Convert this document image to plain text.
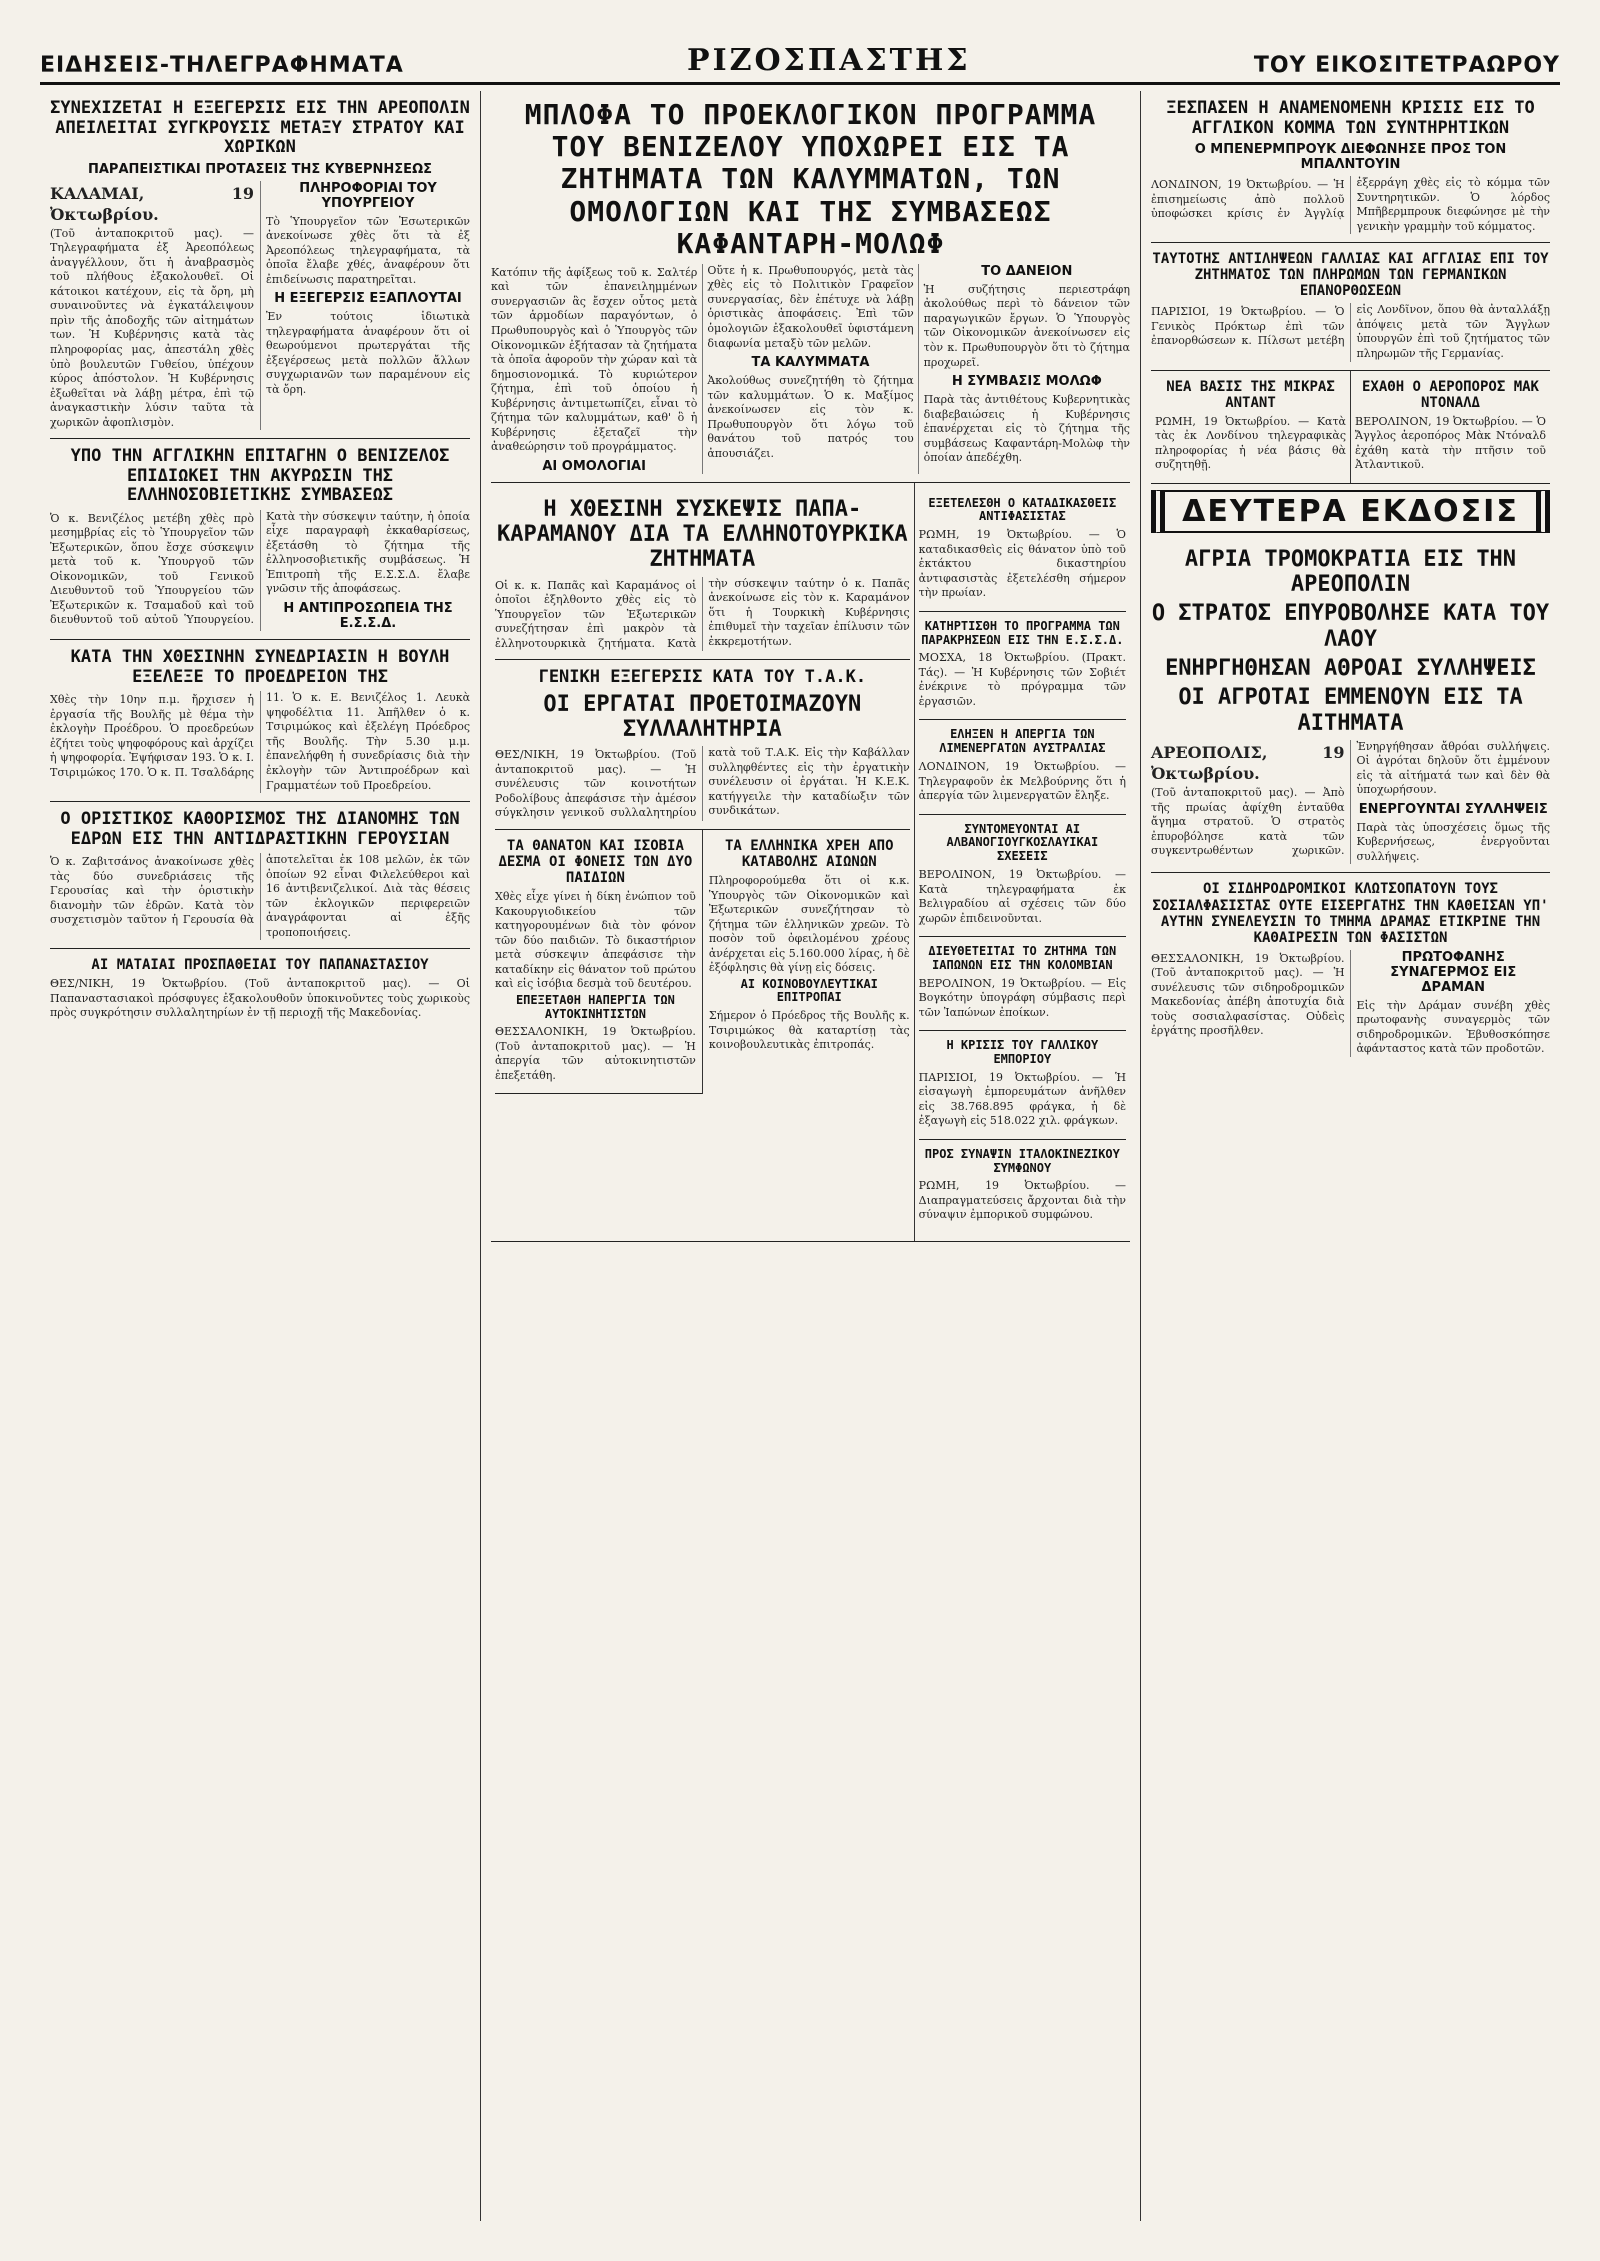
ΕΙΔΗΣΕΙΣ-ΤΗΛΕΓΡΑΦΗΜΑΤΑ	ΡΙΖΟΣΠΑΣΤΗΣ	ΤΟΥ ΕΙΚΟΣΙΤΕΤΡΑΩΡΟΥ
ΣΥΝΕΧΙΖΕΤΑΙ Η ΕΞΕΓΕΡΣΙΣ ΕΙΣ ΤΗΝ ΑΡΕΟΠΟΛΙΝ ΑΠΕΙΛΕΙΤΑΙ ΣΥΓΚΡΟΥΣΙΣ ΜΕΤΑΞΥ ΣΤΡΑΤΟΥ ΚΑΙ ΧΩΡΙΚΩΝ
ΠΑΡΑΠΕΙΣΤΙΚΑΙ ΠΡΟΤΑΣΕΙΣ ΤΗΣ ΚΥΒΕΡΝΗΣΕΩΣ

ΚΑΛΑΜΑΙ, 19 Ὀκτωβρίου.

(Τοῦ ἀνταποκριτοῦ μας). — Τηλεγραφήματα ἐξ Ἀρεοπόλεως ἀναγγέλλουν, ὅτι ἡ ἀναβρασμὸς τοῦ πλήθους ἐξακολουθεῖ. Οἱ κάτοικοι κατέχουν, εἰς τὰ ὄρη, μὴ συναινοῦντες νὰ ἐγκατάλειψουν πρὶν τῆς ἀποδοχῆς τῶν αἰτημάτων των. Ἡ Κυβέρνησις κατὰ τὰς πληροφορίας μας, ἀπεστάλη χθὲς ὑπὸ βουλευτῶν Γυθείου, ὑπέχουν κύρος ἀπόστολον. Ἡ Κυβέρνησις ἐξωθεῖται νὰ λάβῃ μέτρα, ἐπὶ τῷ ἀναγκαστικὴν λύσιν ταῦτα τὰ χωρικῶν ἀφοπλισμὸν.

ΠΛΗΡΟΦΟΡΙΑΙ ΤΟΥ ΥΠΟΥΡΓΕΙΟΥ

Τὸ Ὑπουργεῖον τῶν Ἐσωτερικῶν ἀνεκοίνωσε χθὲς ὅτι τὰ ἐξ Ἀρεοπόλεως τηλεγραφήματα, τὰ ὁποῖα ἔλαβε χθές, ἀναφέρουν ὅτι ἐπιδείνωσις παρατηρεῖται.

Η ΕΞΕΓΕΡΣΙΣ ΕΞΑΠΛΟΥΤΑΙ

Ἐν τούτοις ἰδιωτικὰ τηλεγραφήματα ἀναφέρουν ὅτι οἱ θεωρούμενοι πρωτεργάται τῆς ἐξεγέρσεως μετὰ πολλῶν ἄλλων συγχωριανῶν των παραμένουν εἰς τὰ ὄρη.

ΥΠΟ ΤΗΝ ΑΓΓΛΙΚΗΝ ΕΠΙΤΑΓΗΝ Ο ΒΕΝΙΖΕΛΟΣ ΕΠΙΔΙΩΚΕΙ ΤΗΝ ΑΚΥΡΩΣΙΝ ΤΗΣ ΕΛΛΗΝΟΣΟΒΙΕΤΙΚΗΣ ΣΥΜΒΑΣΕΩΣ

Ὁ κ. Βενιζέλος μετέβη χθὲς πρὸ μεσημβρίας εἰς τὸ Ὑπουργεῖον τῶν Ἐξωτερικῶν, ὅπου ἔσχε σύσκεψιν μετὰ τοῦ κ. Ὑπουργοῦ τῶν Οἰκονομικῶν, τοῦ Γενικοῦ Διευθυντοῦ τοῦ Ὑπουργείου τῶν Ἐξωτερικῶν κ. Τσαμαδοῦ καὶ τοῦ διευθυντοῦ τοῦ αὐτοῦ Ὑπουργείου. Κατὰ τὴν σύσκεψιν ταύτην, ἡ ὁποία εἶχε παραγραφὴ ἐκκαθαρίσεως, ἐξετάσθη τὸ ζήτημα τῆς ἐλληνοσοβιετικῆς συμβάσεως. Ἡ Ἐπιτροπὴ τῆς Ε.Σ.Σ.Δ. ἔλαβε γνῶσιν τῆς ἀποφάσεως.

Η ΑΝΤΙΠΡΟΣΩΠΕΙΑ ΤΗΣ Ε.Σ.Σ.Δ.
ΚΑΤΑ ΤΗΝ ΧΘΕΣΙΝΗΝ ΣΥΝΕΔΡΙΑΣΙΝ Η ΒΟΥΛΗ ΕΞΕΛΕΞΕ ΤΟ ΠΡΟΕΔΡΕΙΟΝ ΤΗΣ

Χθὲς τὴν 10ην π.μ. ἤρχισεν ἡ ἐργασία τῆς Βουλῆς μὲ θέμα τὴν ἐκλογὴν Προέδρου. Ὁ προεδρεύων ἐζήτει τοὺς ψηφοφόρους καὶ ἀρχίζει ἡ ψηφοφορία. Ἐψήφισαν 193. Ὁ κ. Ι. Τσιριμώκος 170. Ὁ κ. Π. Τσαλδάρης 11. Ὁ κ. Ε. Βενιζέλος 1. Λευκὰ ψηφοδέλτια 11. Ἀπῆλθεν ὁ κ. Τσιριμώκος καὶ ἐξελέγη Πρόεδρος τῆς Βουλῆς. Τὴν 5.30 μ.μ. ἐπανελήφθη ἡ συνεδρίασις διὰ τὴν ἐκλογὴν τῶν Ἀντιπροέδρων καὶ Γραμματέων τοῦ Προεδρείου.

Ο ΟΡΙΣΤΙΚΟΣ ΚΑΘΟΡΙΣΜΟΣ ΤΗΣ ΔΙΑΝΟΜΗΣ ΤΩΝ ΕΔΡΩΝ ΕΙΣ ΤΗΝ ΑΝΤΙΔΡΑΣΤΙΚΗΝ ΓΕΡΟΥΣΙΑΝ

Ὁ κ. Ζαβιτσάνος ἀνακοίνωσε χθὲς τὰς δύο συνεδριάσεις τῆς Γερουσίας καὶ τὴν ὁριστικὴν διανομὴν τῶν ἑδρῶν. Κατὰ τὸν συσχετισμὸν ταῦτον ἡ Γερουσία θὰ ἀποτελεῖται ἐκ 108 μελῶν, ἐκ τῶν ὁποίων 92 εἶναι Φιλελεύθεροι καὶ 16 ἀντιβενιζελικοί. Διὰ τὰς θέσεις τῶν ἐκλογικῶν περιφερειῶν ἀναγράφονται αἱ ἑξῆς τροποποιήσεις.

ΑΙ ΜΑΤΑΙΑΙ ΠΡΟΣΠΑΘΕΙΑΙ ΤΟΥ ΠΑΠΑΝΑΣΤΑΣΙΟΥ

ΘΕΣ/ΝΙΚΗ, 19 Ὀκτωβρίου. (Τοῦ ἀνταποκριτοῦ μας). — Οἱ Παπαναστασιακοὶ πρόσφυγες ἐξακολουθοῦν ὑποκινοῦντες τοὺς χωρικοὺς πρὸς συγκρότησιν συλλαλητηρίων ἐν τῇ περιοχῇ τῆς Μακεδονίας.

ΜΠΛΟΦΑ ΤΟ ΠΡΟΕΚΛΟΓΙΚΟΝ ΠΡΟΓΡΑΜΜΑ ΤΟΥ ΒΕΝΙΖΕΛΟΥ ΥΠΟΧΩΡΕΙ ΕΙΣ ΤΑ ΖΗΤΗΜΑΤΑ ΤΩΝ ΚΑΛΥΜΜΑΤΩΝ, ΤΩΝ ΟΜΟΛΟΓΙΩΝ ΚΑΙ ΤΗΣ ΣΥΜΒΑΣΕΩΣ ΚΑΦΑΝΤΑΡΗ-ΜΟΛΩΦ

Κατόπιν τῆς ἀφίξεως τοῦ κ. Σαλτέρ καὶ τῶν ἐπανειλημμένων συνεργασιῶν ἃς ἔσχεν οὗτος μετὰ τῶν ἁρμοδίων παραγόντων, ὁ Πρωθυπουργὸς καὶ ὁ Ὑπουργὸς τῶν Οἰκονομικῶν ἐξήτασαν τὰ ζητήματα τὰ ὁποῖα ἀφοροῦν τὴν χώραν καὶ τὰ δημοσιονομικά. Τὸ κυριώτερον ζήτημα, ἐπὶ τοῦ ὁποίου ἡ Κυβέρνησις ἀντιμετωπίζει, εἶναι τὸ ζήτημα τῶν καλυμμάτων, καθ' ὃ ἡ Κυβέρνησις ἐξεταζεῖ τὴν ἀναθεώρησιν τοῦ προγράμματος.

ΑΙ ΟΜΟΛΟΓΙΑΙ

Οὔτε ἡ κ. Πρωθυπουργός, μετὰ τὰς χθὲς εἰς τὸ Πολιτικὸν Γραφεῖον συνεργασίας, δὲν ἐπέτυχε νὰ λάβῃ ὁριστικὰς ἀποφάσεις. Ἐπὶ τῶν ὁμολογιῶν ἐξακολουθεῖ ὑφιστάμενη διαφωνία μεταξὺ τῶν μελῶν.

ΤΑ ΚΑΛΥΜΜΑΤΑ

Ἀκολούθως συνεζητήθη τὸ ζήτημα τῶν καλυμμάτων. Ὁ κ. Μαξίμος ἀνεκοίνωσεν εἰς τὸν κ. Πρωθυπουργὸν ὅτι λόγω τοῦ θανάτου τοῦ πατρός του ἀπουσιάζει.

ΤΟ ΔΑΝΕΙΟΝ

Ἡ συζήτησις περιεστράφη ἀκολούθως περὶ τὸ δάνειον τῶν παραγωγικῶν ἔργων. Ὁ Ὑπουργὸς τῶν Οἰκονομικῶν ἀνεκοίνωσεν εἰς τὸν κ. Πρωθυπουργὸν ὅτι τὸ ζήτημα προχωρεῖ.

Η ΣΥΜΒΑΣΙΣ ΜΟΛΩΦ

Παρὰ τὰς ἀντιθέτους Κυβερνητικὰς διαβεβαιώσεις ἡ Κυβέρνησις ἐπανέρχεται εἰς τὸ ζήτημα τῆς συμβάσεως Καφαντάρη-Μολὼφ τὴν ὁποίαν ἀπεδέχθη.

Η ΧΘΕΣΙΝΗ ΣΥΣΚΕΨΙΣ ΠΑΠΑ-ΚΑΡΑΜΑΝΟΥ ΔΙΑ ΤΑ ΕΛΛΗΝΟΤΟΥΡΚΙΚΑ ΖΗΤΗΜΑΤΑ

Οἱ κ. κ. Παπᾶς καὶ Καραμάνος οἱ ὁποῖοι ἐξηλθοντο χθὲς εἰς τὸ Ὑπουργεῖον τῶν Ἐξωτερικῶν συνεζήτησαν ἐπὶ μακρὸν τὰ ἐλληνοτουρκικὰ ζητήματα. Κατὰ τὴν σύσκεψιν ταύτην ὁ κ. Παπᾶς ἀνεκοίνωσε εἰς τὸν κ. Καραμάνον ὅτι ἡ Τουρκικὴ Κυβέρνησις ἐπιθυμεῖ τὴν ταχεῖαν ἐπίλυσιν τῶν ἐκκρεμοτήτων.

ΓΕΝΙΚΗ ΕΞΕΓΕΡΣΙΣ ΚΑΤΑ ΤΟΥ Τ.Α.Κ.
ΟΙ ΕΡΓΑΤΑΙ ΠΡΟΕΤΟΙΜΑΖΟΥΝ ΣΥΛΛΑΛΗΤΗΡΙΑ

ΘΕΣ/ΝΙΚΗ, 19 Ὀκτωβρίου. (Τοῦ ἀνταποκριτοῦ μας). — Ἡ συνέλευσις τῶν κοινοτήτων Ροδολίβους ἀπεφάσισε τὴν ἀμέσον σύγκλησιν γενικοῦ συλλαλητηρίου κατὰ τοῦ Τ.Α.Κ. Εἰς τὴν Καβάλλαν συλληφθέντες εἰς τὴν ἐργατικὴν συνέλευσιν οἱ ἐργάται. Ἡ Κ.Ε.Κ. κατήγγειλε τὴν καταδίωξιν τῶν συνδικάτων.

ΤΑ ΘΑΝΑΤΟΝ ΚΑΙ ΙΣΟΒΙΑ ΔΕΣΜΑ ΟΙ ΦΟΝΕΙΣ ΤΩΝ ΔΥΟ ΠΑΙΔΙΩΝ

Χθὲς εἶχε γίνει ἡ δίκη ἐνώπιον τοῦ Κακουργιοδικείου τῶν κατηγορουμένων διὰ τὸν φόνον τῶν δύο παιδιῶν. Τὸ δικαστήριον μετὰ σύσκεψιν ἀπεφάσισε τὴν καταδίκην εἰς θάνατον τοῦ πρώτου καὶ εἰς ἰσόβια δεσμὰ τοῦ δευτέρου.

ΕΠΕΞΕΤΑΘΗ ΗΑΠΕΡΓΙΑ ΤΩΝ ΑΥΤΟΚΙΝΗΤΙΣΤΩΝ

ΘΕΣΣΑΛΟΝΙΚΗ, 19 Ὀκτωβρίου. (Τοῦ ἀνταποκριτοῦ μας). — Ἡ ἀπεργία τῶν αὐτοκινητιστῶν ἐπεξετάθη.

ΤΑ ΕΛΛΗΝΙΚΑ ΧΡΕΗ ΑΠΟ ΚΑΤΑΒΟΛΗΣ ΑΙΩΝΩΝ

Πληροφορούμεθα ὅτι οἱ κ.κ. Ὑπουργὸς τῶν Οἰκονομικῶν καὶ Ἐξωτερικῶν συνεζήτησαν τὸ ζήτημα τῶν ἑλληνικῶν χρεῶν. Τὸ ποσὸν τοῦ ὀφειλομένου χρέους ἀνέρχεται εἰς 5.160.000 λίρας, ἡ δὲ ἐξόφλησις θὰ γίνῃ εἰς δόσεις.

ΑΙ ΚΟΙΝΟΒΟΥΛΕΥΤΙΚΑΙ ΕΠΙΤΡΟΠΑΙ

Σήμερον ὁ Πρόεδρος τῆς Βουλῆς κ. Τσιριμώκος θὰ καταρτίσῃ τὰς κοινοβουλευτικὰς ἐπιτροπάς.

ΕΞΕΤΕΛΕΣΘΗ Ο ΚΑΤΑΔΙΚΑΣΘΕΙΣ ΑΝΤΙΦΑΣΙΣΤΑΣ

ΡΩΜΗ, 19 Ὀκτωβρίου. — Ὁ καταδικασθεὶς εἰς θάνατον ὑπὸ τοῦ ἐκτάκτου δικαστηρίου ἀντιφασιστὰς ἐξετελέσθη σήμερον τὴν πρωίαν.

ΚΑΤΗΡΤΙΣΘΗ ΤΟ ΠΡΟΓΡΑΜΜΑ ΤΩΝ ΠΑΡΑΚΡΗΣΕΩΝ ΕΙΣ ΤΗΝ Ε.Σ.Σ.Δ.

ΜΟΣΧΑ, 18 Ὀκτωβρίου. (Πρακτ. Τάς). — Ἡ Κυβέρνησις τῶν Σοβιέτ ἐνέκρινε τὸ πρόγραμμα τῶν ἐργασιῶν.

ΕΛΗΞΕΝ Η ΑΠΕΡΓΙΑ ΤΩΝ ΛΙΜΕΝΕΡΓΑΤΩΝ ΑΥΣΤΡΑΛΙΑΣ

ΛΟΝΔΙΝΟΝ, 19 Ὀκτωβρίου. — Τηλεγραφοῦν ἐκ Μελβούρνης ὅτι ἡ ἀπεργία τῶν λιμενεργατῶν ἔληξε.

ΣΥΝΤΟΜΕΥΟΝΤΑΙ ΑΙ ΑΛΒΑΝΟΓΙΟΥΓΚΟΣΛΑΥΙΚΑΙ ΣΧΕΣΕΙΣ

ΒΕΡΟΛΙΝΟΝ, 19 Ὀκτωβρίου. — Κατὰ τηλεγραφήματα ἐκ Βελιγραδίου αἱ σχέσεις τῶν δύο χωρῶν ἐπιδεινοῦνται.

ΔΙΕΥΘΕΤΕΙΤΑΙ ΤΟ ΖΗΤΗΜΑ ΤΩΝ ΙΑΠΩΝΩΝ ΕΙΣ ΤΗΝ ΚΟΛΟΜΒΙΑΝ

ΒΕΡΟΛΙΝΟΝ, 19 Ὀκτωβρίου. — Εἰς Βογκότην ὑπογράφη σύμβασις περὶ τῶν Ἰαπώνων ἐποίκων.

Η ΚΡΙΣΙΣ ΤΟΥ ΓΑΛΛΙΚΟΥ ΕΜΠΟΡΙΟΥ

ΠΑΡΙΣΙΟΙ, 19 Ὀκτωβρίου. — Ἡ εἰσαγωγὴ ἐμπορευμάτων ἀνῆλθεν εἰς 38.768.895 φράγκα, ἡ δὲ ἐξαγωγὴ εἰς 518.022 χιλ. φράγκων.

ΠΡΟΣ ΣΥΝΑΨΙΝ ΙΤΑΛΟΚΙΝΕΖΙΚΟΥ ΣΥΜΦΩΝΟΥ

ΡΩΜΗ, 19 Ὀκτωβρίου. — Διαπραγματεύσεις ἄρχονται διὰ τὴν σύναψιν ἐμπορικοῦ συμφώνου.

ΞΕΣΠΑΣΕΝ Η ΑΝΑΜΕΝΟΜΕΝΗ ΚΡΙΣΙΣ ΕΙΣ ΤΟ ΑΓΓΛΙΚΟΝ ΚΟΜΜΑ ΤΩΝ ΣΥΝΤΗΡΗΤΙΚΩΝ
Ο ΜΠΕΝΕΡΜΠΡΟΥΚ ΔΙΕΦΩΝΗΣΕ ΠΡΟΣ ΤΟΝ ΜΠΑΛΝΤΟΥΙΝ

ΛΟΝΔΙΝΟΝ, 19 Ὀκτωβρίου. — Ἡ ἐπισημείωσις ἀπὸ πολλοῦ ὑποφώσκει κρίσις ἐν Ἀγγλίᾳ ἐξερράγη χθὲς εἰς τὸ κόμμα τῶν Συντηρητικῶν. Ὁ λόρδος Μπῆβερμπρουκ διεφώνησε μὲ τὴν γενικὴν γραμμὴν τοῦ κόμματος.

ΤΑΥΤΟΤΗΣ ΑΝΤΙΛΗΨΕΩΝ ΓΑΛΛΙΑΣ ΚΑΙ ΑΓΓΛΙΑΣ ΕΠΙ ΤΟΥ ΖΗΤΗΜΑΤΟΣ ΤΩΝ ΠΛΗΡΩΜΩΝ ΤΩΝ ΓΕΡΜΑΝΙΚΩΝ ΕΠΑΝΟΡΘΩΣΕΩΝ

ΠΑΡΙΣΙΟΙ, 19 Ὀκτωβρίου. — Ὁ Γενικὸς Πρόκτωρ ἐπὶ τῶν ἐπανορθώσεων κ. Πίλσωτ μετέβη εἰς Λονδῖνον, ὅπου θὰ ἀνταλλάξῃ ἀπόψεις μετὰ τῶν Ἄγγλων ὑπουργῶν ἐπὶ τοῦ ζητήματος τῶν πληρωμῶν τῆς Γερμανίας.

ΝΕΑ ΒΑΣΙΣ ΤΗΣ ΜΙΚΡΑΣ ΑΝΤΑΝΤ

ΡΩΜΗ, 19 Ὀκτωβρίου. — Κατὰ τὰς ἐκ Λονδίνου τηλεγραφικὰς πληροφορίας ἡ νέα βάσις θὰ συζητηθῇ.

ΕΧΑΘΗ Ο ΑΕΡΟΠΟΡΟΣ ΜΑΚ ΝΤΟΝΑΛΔ

ΒΕΡΟΛΙΝΟΝ, 19 Ὀκτωβρίου. — Ὁ Ἄγγλος ἀεροπόρος Μὰκ Ντόναλδ ἐχάθη κατὰ τὴν πτῆσιν τοῦ Ἀτλαντικοῦ.

ΔΕΥΤΕΡΑ ΕΚΔΟΣΙΣ
ΑΓΡΙΑ ΤΡΟΜΟΚΡΑΤΙΑ ΕΙΣ ΤΗΝ ΑΡΕΟΠΟΛΙΝ
Ο ΣΤΡΑΤΟΣ ΕΠΥΡΟΒΟΛΗΣΕ ΚΑΤΑ ΤΟΥ ΛΑΟΥ
ΕΝΗΡΓΗΘΗΣΑΝ ΑΘΡΟΑΙ ΣΥΛΛΗΨΕΙΣ
ΟΙ ΑΓΡΟΤΑΙ ΕΜΜΕΝΟΥΝ ΕΙΣ ΤΑ ΑΙΤΗΜΑΤΑ

ΑΡΕΟΠΟΛΙΣ, 19 Ὀκτωβρίου.

(Τοῦ ἀνταποκριτοῦ μας). — Ἀπὸ τῆς πρωίας ἀφίχθη ἐνταῦθα ἄγημα στρατοῦ. Ὁ στρατὸς ἐπυροβόλησε κατὰ τῶν συγκεντρωθέντων χωρικῶν. Ἐνηργήθησαν ἄθρόαι συλλήψεις. Οἱ ἀγρόται δηλοῦν ὅτι ἐμμένουν εἰς τὰ αἰτήματά των καὶ δὲν θὰ ὑποχωρήσουν.

ΕΝΕΡΓΟΥΝΤΑΙ ΣΥΛΛΗΨΕΙΣ

Παρὰ τὰς ὑποσχέσεις ὅμως τῆς Κυβερνήσεως, ἐνεργοῦνται συλλήψεις.

ΟΙ ΣΙΔΗΡΟΔΡΟΜΙΚΟΙ ΚΛΩΤΣΟΠΑΤΟΥΝ ΤΟΥΣ ΣΟΣΙΑΛΦΑΣΙΣΤΑΣ ΟΥΤΕ ΕΙΣΕΡΓΑΤΗΣ ΤΗΝ ΚΑΘΕΙΣΑΝ ΥΠ' ΑΥΤΗΝ ΣΥΝΕΛΕΥΣΙΝ ΤΟ ΤΜΗΜΑ ΔΡΑΜΑΣ ΕΤΙΚΡΙΝΕ ΤΗΝ ΚΑΘΑΙΡΕΣΙΝ ΤΩΝ ΦΑΣΙΣΤΩΝ

ΘΕΣΣΑΛΟΝΙΚΗ, 19 Ὀκτωβρίου. (Τοῦ ἀνταποκριτοῦ μας). — Ἡ συνέλευσις τῶν σιδηροδρομικῶν Μακεδονίας ἀπέβη ἀποτυχία διὰ τοὺς σοσιαλφασίστας. Οὐδεὶς ἐργάτης προσῆλθεν.

ΠΡΩΤΟΦΑΝΗΣ ΣΥΝΑΓΕΡΜΟΣ ΕΙΣ ΔΡΑΜΑΝ

Εἰς τὴν Δράμαν συνέβη χθὲς πρωτοφανὴς συναγερμὸς τῶν σιδηροδρομικῶν. Ἐβυθοσκόπησε ἀφάνταστος κατὰ τῶν προδοτῶν.
